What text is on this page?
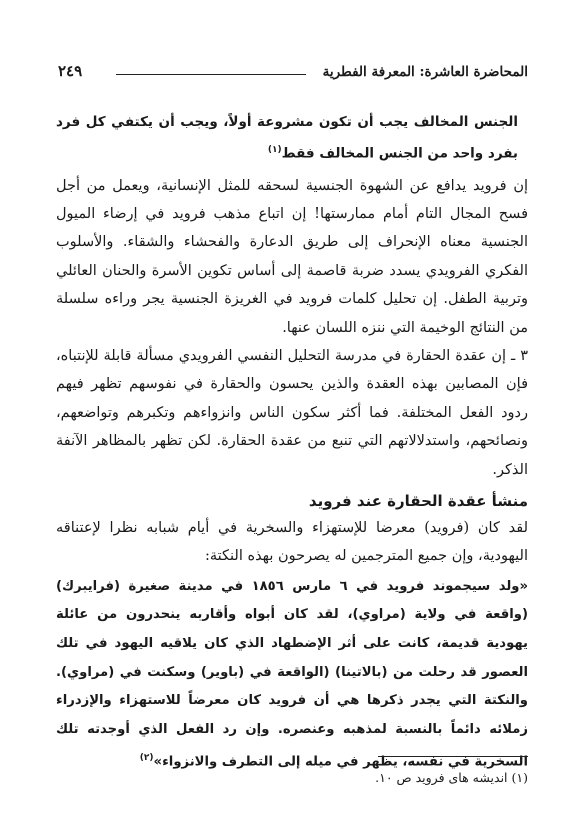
المحاضرة العاشرة: المعرفة الفطرية
٢٤٩
الجنس المخالف يجب أن تكون مشروعة أولاً، ويجب أن يكتفي كل فرد بفرد واحد من الجنس المخالف فقط$^{(١)}$

إن فرويد يدافع عن الشهوة الجنسية لسحقه للمثل الإنسانية، ويعمل من أجل فسح المجال التام أمام ممارستها! إن اتباع مذهب فرويد في إرضاء الميول الجنسية معناه الإنحراف إلى طريق الدعارة والفحشاء والشقاء. والأسلوب الفكري الفرويدي يسدد ضربة قاصمة إلى أساس تكوين الأسرة والحنان العائلي وتربية الطفل. إن تحليل كلمات فرويد في الغريزة الجنسية يجر وراءه سلسلة من النتائج الوخيمة التي ننزه اللسان عنها.

٣ ـ إن عقدة الحقارة في مدرسة التحليل النفسي الفرويدي مسألة قابلة للإنتباه، فإن المصابين بهذه العقدة والذين يحسون والحقارة في نفوسهم تظهر فيهم ردود الفعل المختلفة. فما أكثر سكون الناس وانزواءهم وتكبرهم وتواضعهم، ونصائحهم، واستدلالاتهم التي تنبع من عقدة الحقارة. لكن تظهر بالمظاهر الآنفة الذكر.

منشأ عقدة الحقارة عند فرويد

لقد كان (فرويد) معرضا للإستهزاء والسخرية في أيام شبابه نظرا لإعتناقه اليهودية، وإن جميع المترجمين له يصرحون بهذه النكتة:

«ولد سيجموند فرويد في ٦ مارس ١٨٥٦ في مدينة صغيرة (فرايبرك) (واقعة في ولاية (مراوي)، لقد كان أبواه وأقاربه ينحدرون من عائلة يهودية قديمة، كانت على أثر الإضطهاد الذي كان يلاقيه اليهود في تلك العصور قد رحلت من (بالاتينا) (الواقعة في (باوير) وسكنت في (مراوي). والنكتة التي يجدر ذكرها هي أن فرويد كان معرضاً للاستهزاء والإزدراء زملائه دائماً بالنسبة لمذهبه وعنصره. وإن رد الفعل الذي أوجدته تلك السخرية في نفسه، يظهر في ميله إلى التطرف والانزواء»$^{(٢)}$
(١) انديشه هاى فرويد ص ١٠.
